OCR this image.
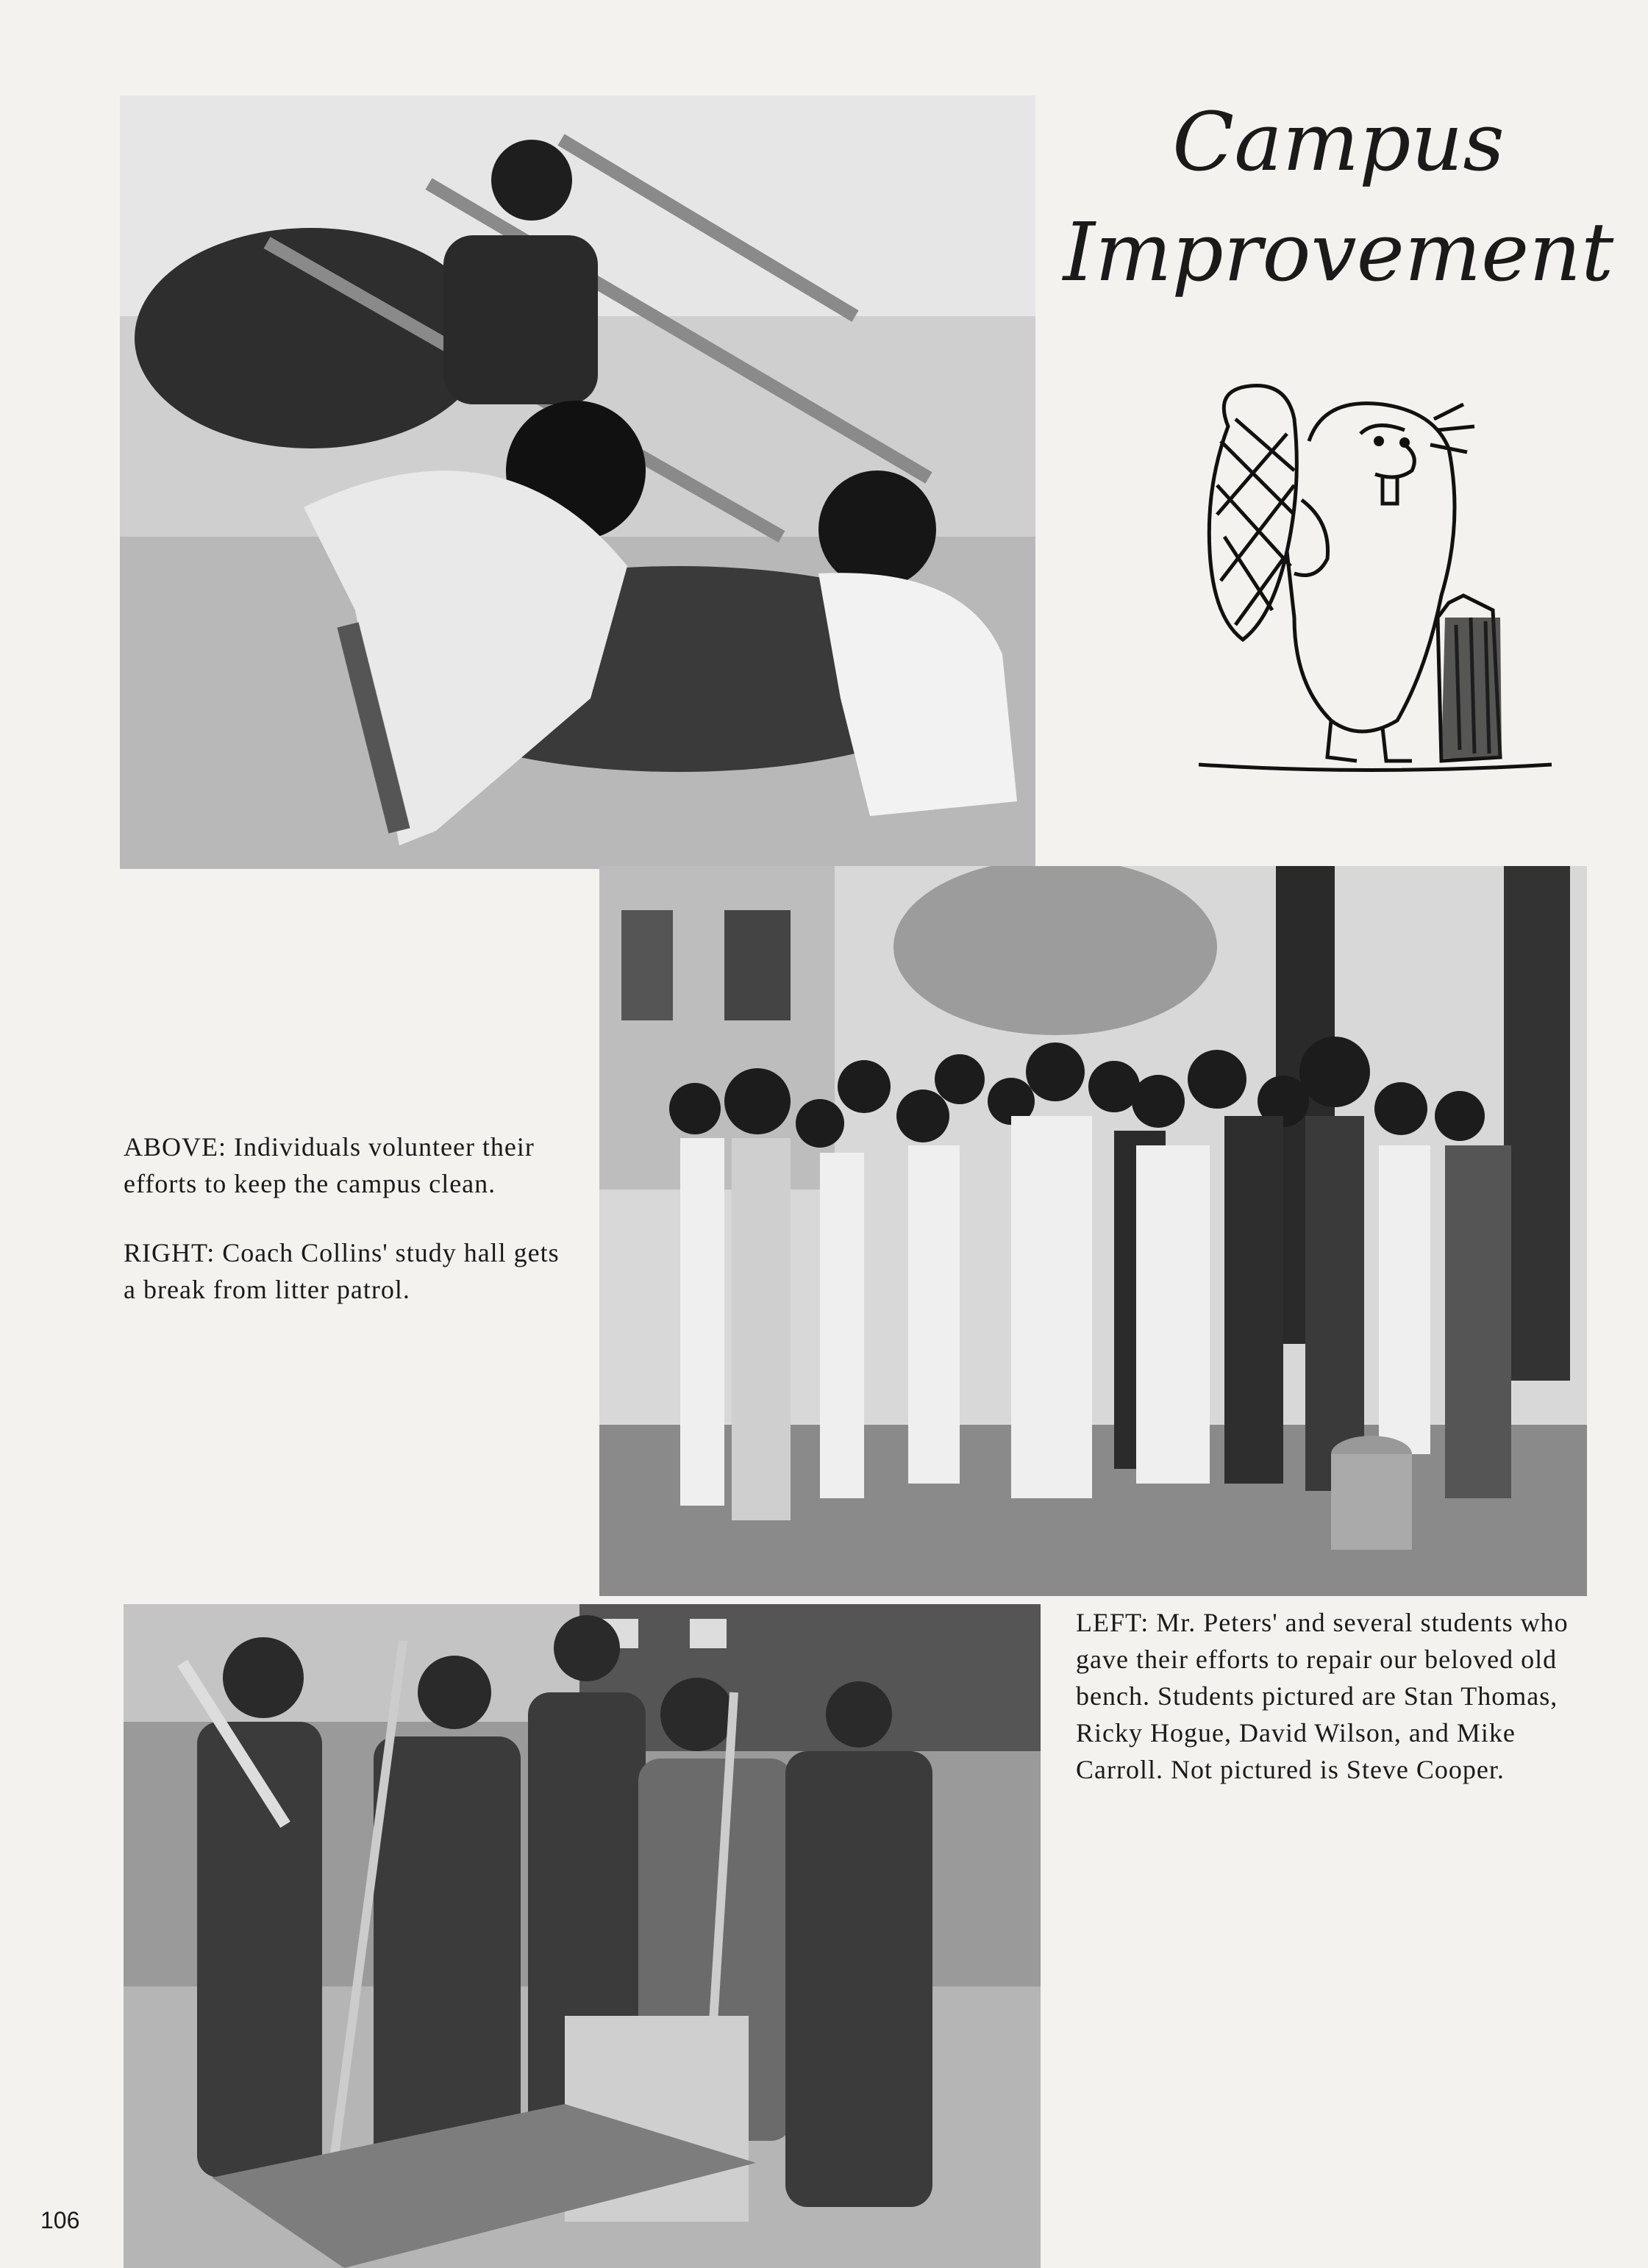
Campus Improvement

ABOVE: Individuals volunteer their efforts to keep the campus clean.

RIGHT: Coach Collins' study hall gets a break from litter patrol.

LEFT: Mr. Peters' and several students who gave their efforts to repair our beloved old bench. Students pictured are Stan Thomas, Ricky Hogue, David Wilson, and Mike Carroll. Not pictured is Steve Cooper.
106
